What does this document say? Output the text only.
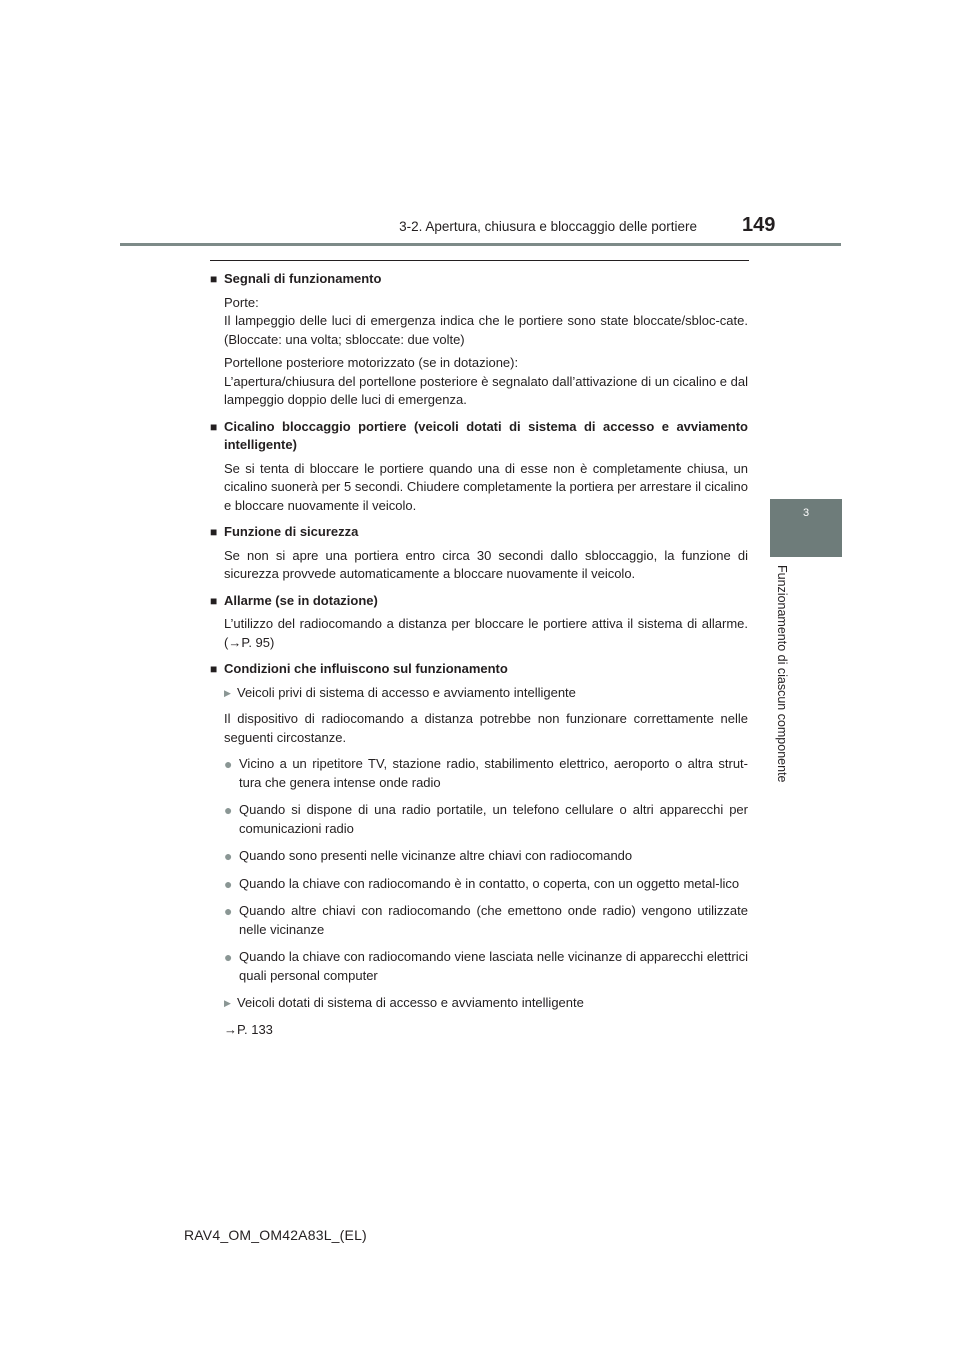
3-2. Apertura, chiusura e bloccaggio delle portiere 149
3
Funzionamento di ciascun componente
■ Segnali di funzionamento
Porte:
Il lampeggio delle luci di emergenza indica che le portiere sono state bloccate/sbloc-cate. (Bloccate: una volta; sbloccate: due volte)
Portellone posteriore motorizzato (se in dotazione):
L’apertura/chiusura del portellone posteriore è segnalato dall’attivazione di un cicalino e dal lampeggio doppio delle luci di emergenza.
■ Cicalino bloccaggio portiere (veicoli dotati di sistema di accesso e avviamento intelligente)
Se si tenta di bloccare le portiere quando una di esse non è completamente chiusa, un cicalino suonerà per 5 secondi. Chiudere completamente la portiera per arrestare il cicalino e bloccare nuovamente il veicolo.
■ Funzione di sicurezza
Se non si apre una portiera entro circa 30 secondi dallo sbloccaggio, la funzione di sicurezza provvede automaticamente a bloccare nuovamente il veicolo.
■ Allarme (se in dotazione)
L’utilizzo del radiocomando a distanza per bloccare le portiere attiva il sistema di allarme. (→P. 95)
■ Condizioni che influiscono sul funzionamento
▶ Veicoli privi di sistema di accesso e avviamento intelligente
Il dispositivo di radiocomando a distanza potrebbe non funzionare correttamente nelle seguenti circostanze.
● Vicino a un ripetitore TV, stazione radio, stabilimento elettrico, aeroporto o altra strut-tura che genera intense onde radio
● Quando si dispone di una radio portatile, un telefono cellulare o altri apparecchi per comunicazioni radio
● Quando sono presenti nelle vicinanze altre chiavi con radiocomando
● Quando la chiave con radiocomando è in contatto, o coperta, con un oggetto metal-lico
● Quando altre chiavi con radiocomando (che emettono onde radio) vengono utilizzate nelle vicinanze
● Quando la chiave con radiocomando viene lasciata nelle vicinanze di apparecchi elettrici quali personal computer
▶ Veicoli dotati di sistema di accesso e avviamento intelligente
→P. 133
RAV4_OM_OM42A83L_(EL)
